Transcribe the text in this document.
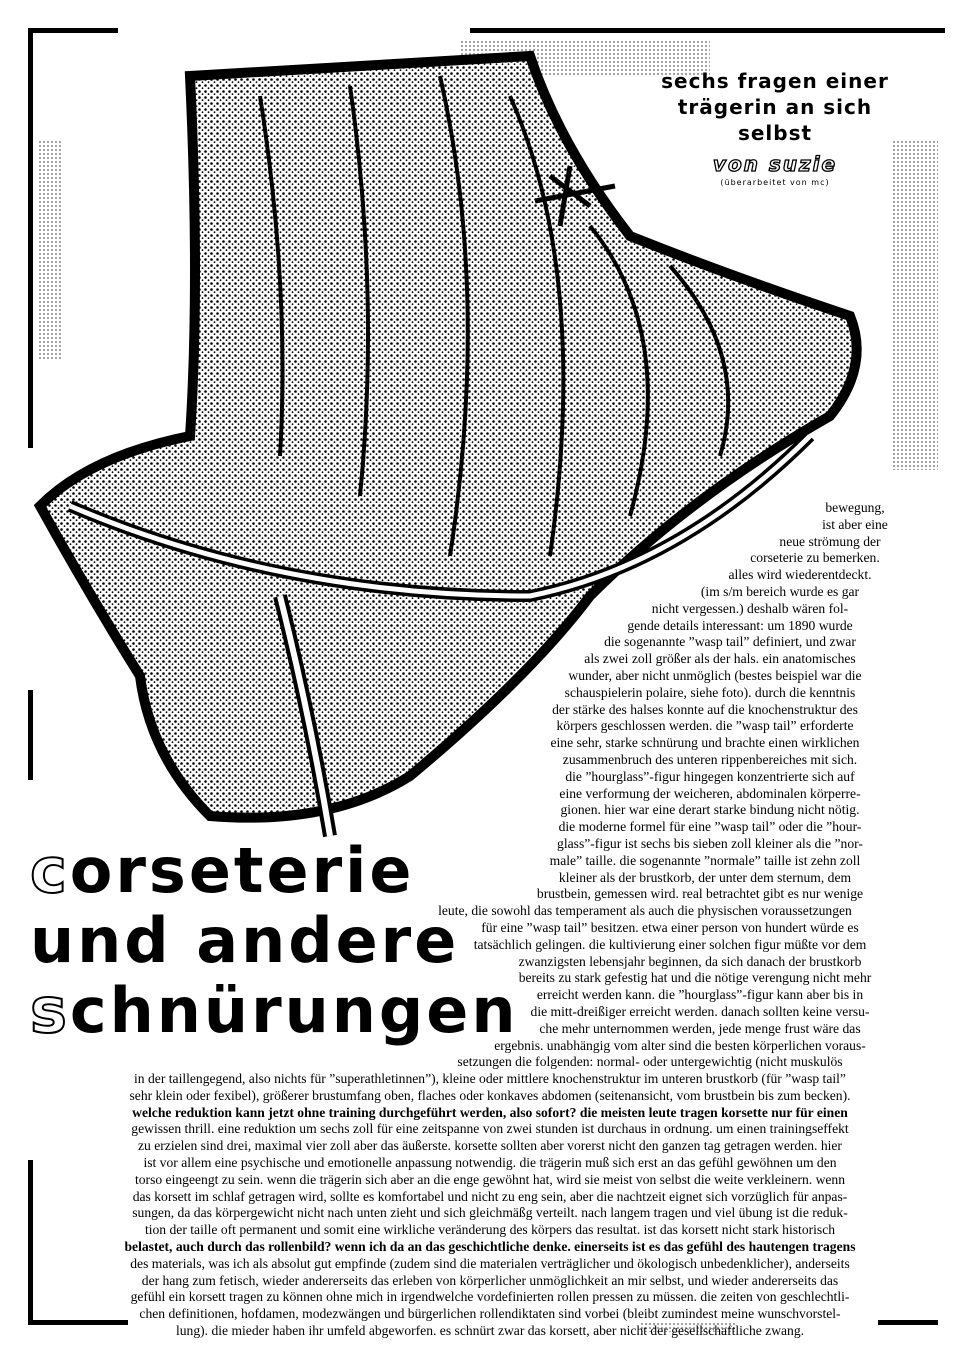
sechs fragen einer
trägerin an sich
selbst
von suzie
(überarbeitet von mc)
corseterie
und andere
schnürungen
bewegung,
ist aber eine
neue strömung der
corseterie zu bemerken.
alles wird wiederentdeckt.
(im s/m bereich wurde es gar
nicht vergessen.) deshalb wären fol-
gende details interessant: um 1890 wurde
die sogenannte ”wasp tail” definiert, und zwar
als zwei zoll größer als der hals. ein anatomisches
wunder, aber nicht unmöglich (bestes beispiel war die
schauspielerin polaire, siehe foto). durch die kenntnis
der stärke des halses konnte auf die knochenstruktur des
körpers geschlossen werden. die ”wasp tail” erforderte
eine sehr, starke schnürung und brachte einen wirklichen
zusammenbruch des unteren rippenbereiches mit sich.
die ”hourglass”-figur hingegen konzentrierte sich auf
eine verformung der weicheren, abdominalen körperre-
gionen. hier war eine derart starke bindung nicht nötig.
die moderne formel für eine ”wasp tail” oder die ”hour-
glass”-figur ist sechs bis sieben zoll kleiner als die ”nor-
male” taille. die sogenannte ”normale” taille ist zehn zoll
kleiner als der brustkorb, der unter dem sternum, dem
brustbein, gemessen wird. real betrachtet gibt es nur wenige
leute, die sowohl das temperament als auch die physischen voraussetzungen
für eine ”wasp tail” besitzen. etwa einer person von hundert würde es
tatsächlich gelingen. die kultivierung einer solchen figur müßte vor dem
zwanzigsten lebensjahr beginnen, da sich danach der brustkorb
bereits zu stark gefestig hat und die nötige verengung nicht mehr
erreicht werden kann. die ”hourglass”-figur kann aber bis in
die mitt-dreißiger erreicht werden. danach sollten keine versu-
che mehr unternommen werden, jede menge frust wäre das
ergebnis. unabhängig vom alter sind die besten körperlichen voraus-
setzungen die folgenden: normal- oder untergewichtig (nicht muskulös
in der taillengegend, also nichts für ”superathletinnen”), kleine oder mittlere knochenstruktur im unteren brustkorb (für ”wasp tail”
sehr klein oder fexibel), größerer brustumfang oben, flaches oder konkaves abdomen (seitenansicht, vom brustbein bis zum becken).
welche reduktion kann jetzt ohne training durchgeführt werden, also sofort? die meisten leute tragen korsette nur für einen
gewissen thrill. eine reduktion um sechs zoll für eine zeitspanne von zwei stunden ist durchaus in ordnung. um einen trainingseffekt
zu erzielen sind drei, maximal vier zoll aber das äußerste. korsette sollten aber vorerst nicht den ganzen tag getragen werden. hier
ist vor allem eine psychische und emotionelle anpassung notwendig. die trägerin muß sich erst an das gefühl gewöhnen um den
torso eingeengt zu sein. wenn die trägerin sich aber an die enge gewöhnt hat, wird sie meist von selbst die weite verkleinern. wenn
das korsett im schlaf getragen wird, sollte es komfortabel und nicht zu eng sein, aber die nachtzeit eignet sich vorzüglich für anpas-
sungen, da das körpergewicht nicht nach unten zieht und sich gleichmäßg verteilt. nach langem tragen und viel übung ist die reduk-
tion der taille oft permanent und somit eine wirkliche veränderung des körpers das resultat. ist das korsett nicht stark historisch
belastet, auch durch das rollenbild? wenn ich da an das geschichtliche denke. einerseits ist es das gefühl des hautengen tragens
des materials, was ich als absolut gut empfinde (zudem sind die materialen verträglicher und ökologisch unbedenklicher), anderseits
der hang zum fetisch, wieder andererseits das erleben von körperlicher unmöglichkeit an mir selbst, und wieder andererseits das
gefühl ein korsett tragen zu können ohne mich in irgendwelche vordefinierten rollen pressen zu müssen. die zeiten von geschlechtli-
chen definitionen, hofdamen, modezwängen und bürgerlichen rollendiktaten sind vorbei (bleibt zumindest meine wunschvorstel-
lung). die mieder haben ihr umfeld abgeworfen. es schnürt zwar das korsett, aber nicht der gesellschaftliche zwang.
